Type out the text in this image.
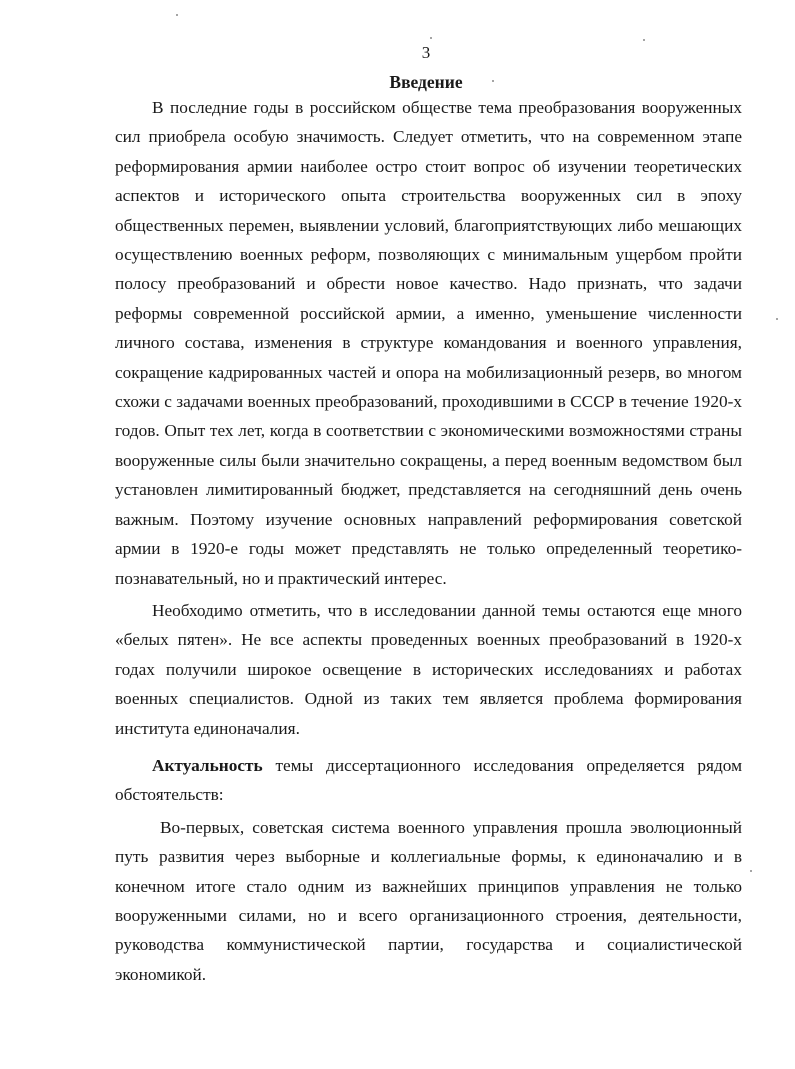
3
Введение

В последние годы в российском обществе тема преобразования вооруженных сил приобрела особую значимость. Следует отметить, что на современном этапе реформирования армии наиболее остро стоит вопрос об изучении теоретических аспектов и исторического опыта строительства вооруженных сил в эпоху общественных перемен, выявлении условий, благоприятствующих либо мешающих осуществлению военных реформ, позволяющих с минимальным ущербом пройти полосу преобразований и обрести новое качество. Надо признать, что задачи реформы современной российской армии, а именно, уменьшение численности личного состава, изменения в структуре командования и военного управления, сокращение кадрированных частей и опора на мобилизационный резерв, во многом схожи с задачами военных преобразований, проходившими в СССР в течение 1920-х годов. Опыт тех лет, когда в соответствии с экономическими возможностями страны вооруженные силы были значительно сокращены, а перед военным ведомством был установлен лимитированный бюджет, представляется на сегодняшний день очень важным. Поэтому изучение основных направлений реформирования советской армии в 1920-е годы может представлять не только определенный теоретико-познавательный, но и практический интерес.

Необходимо отметить, что в исследовании данной темы остаются еще много «белых пятен». Не все аспекты проведенных военных преобразований в 1920-х годах получили широкое освещение в исторических исследованиях и работах военных специалистов. Одной из таких тем является проблема формирования института единоначалия.

Актуальность темы диссертационного исследования определяется рядом обстоятельств:

Во-первых, советская система военного управления прошла эволюционный путь развития через выборные и коллегиальные формы, к единоначалию и в конечном итоге стало одним из важнейших принципов управления не только вооруженными силами, но и всего организационного строения, деятельности, руководства коммунистической партии, государства и социалистической экономикой.
